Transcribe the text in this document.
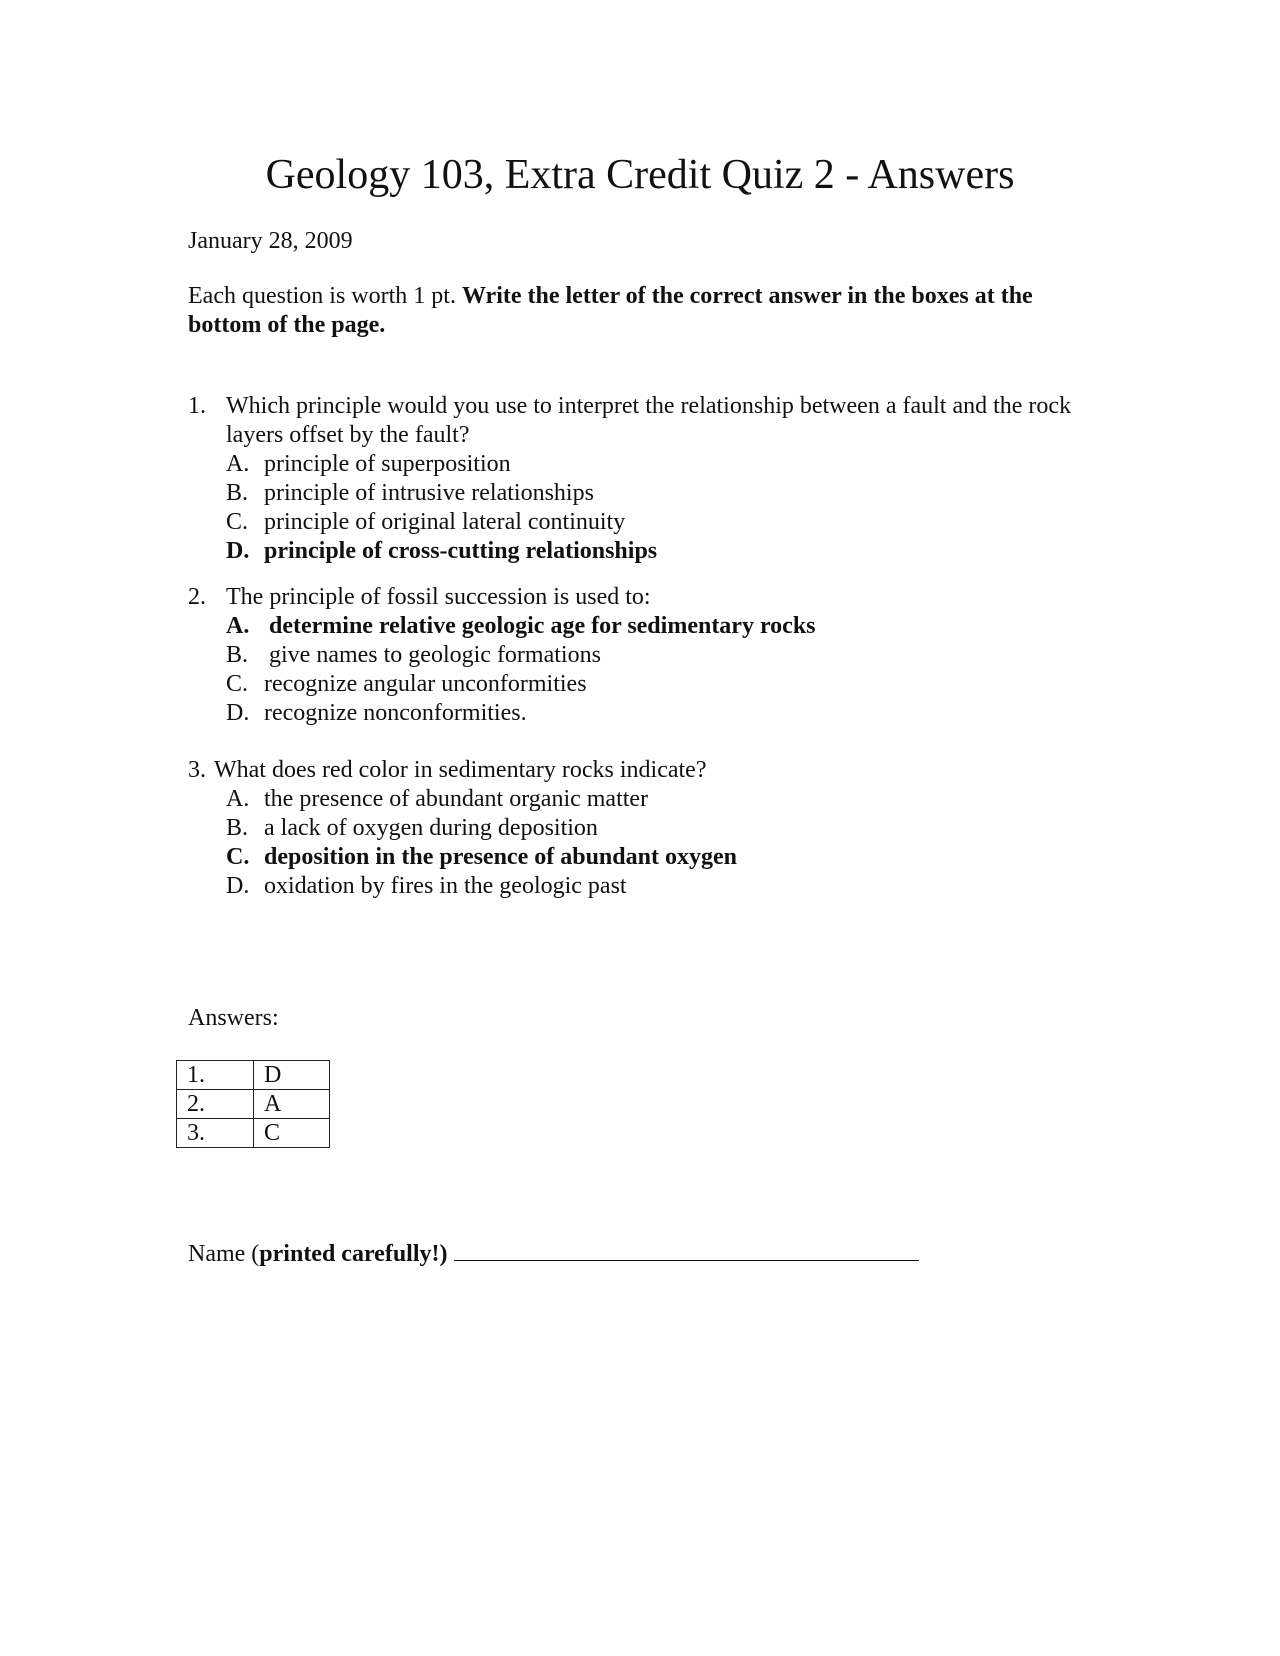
Geology 103, Extra Credit Quiz 2 - Answers
January 28, 2009
Each question is worth 1 pt. Write the letter of the correct answer in the boxes at the bottom of the page.
1. Which principle would you use to interpret the relationship between a fault and the rock layers offset by the fault?
A. principle of superposition
B. principle of intrusive relationships
C. principle of original lateral continuity
D. principle of cross-cutting relationships
2. The principle of fossil succession is used to:
A. determine relative geologic age for sedimentary rocks
B. give names to geologic formations
C. recognize angular unconformities
D. recognize nonconformities.
3. What does red color in sedimentary rocks indicate?
A. the presence of abundant organic matter
B. a lack of oxygen during deposition
C. deposition in the presence of abundant oxygen
D. oxidation by fires in the geologic past
Answers:
1.	D
2.	A
3.	C
Name (printed carefully!)
